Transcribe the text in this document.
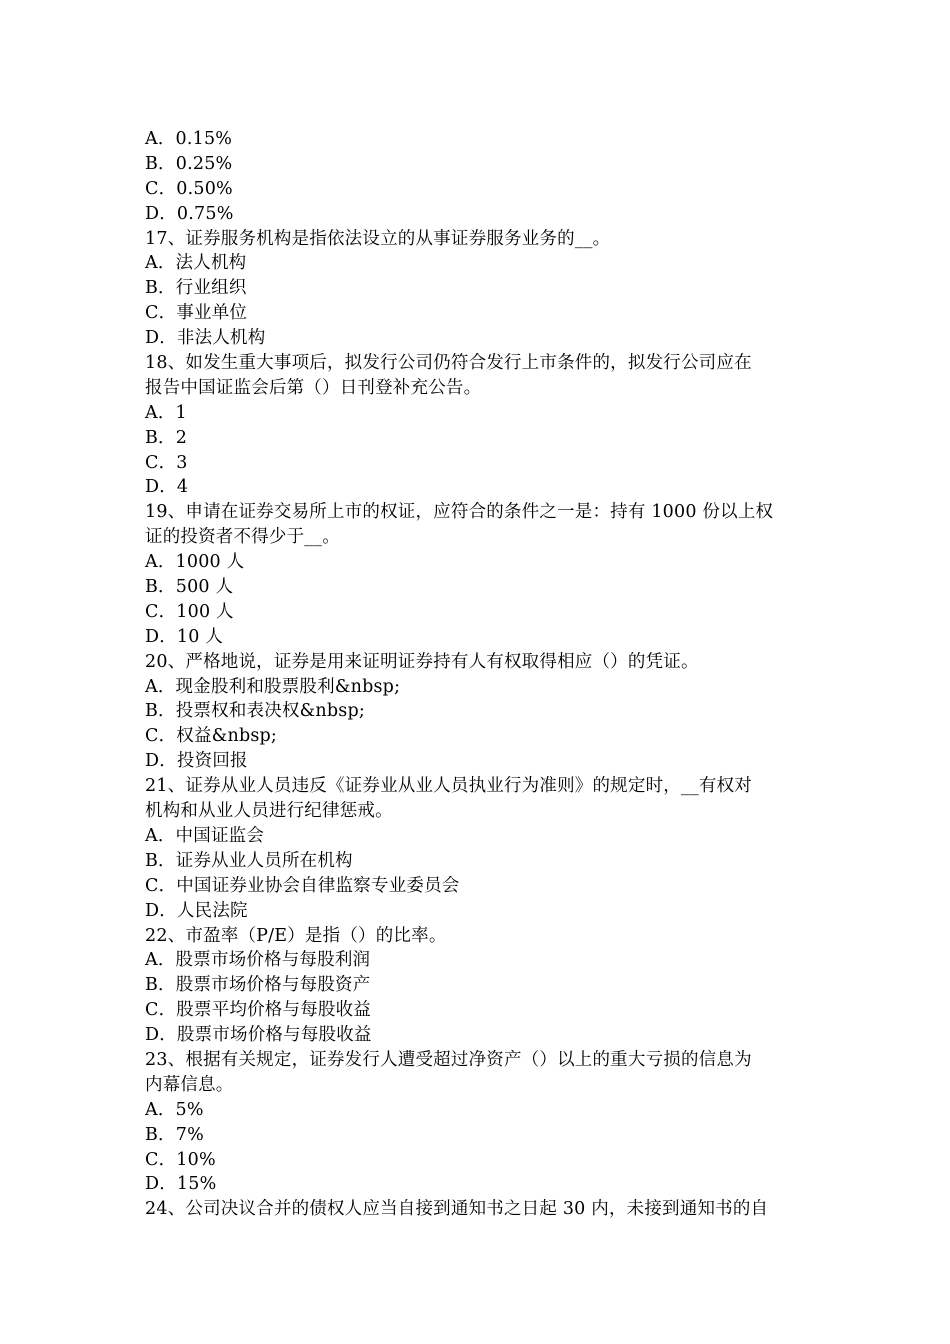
A．0.15%
B．0.25%
C．0.50%
D．0.75%
17、证券服务机构是指依法设立的从事证券服务业务的__。
A．法人机构
B．行业组织
C．事业单位
D．非法人机构
18、如发生重大事项后，拟发行公司仍符合发行上市条件的，拟发行公司应在
报告中国证监会后第（）日刊登补充公告。
A．1
B．2
C．3
D．4
19、申请在证券交易所上市的权证，应符合的条件之一是：持有 1000 份以上权
证的投资者不得少于__。
A．1000 人
B．500 人
C．100 人
D．10 人
20、严格地说，证券是用来证明证券持有人有权取得相应（）的凭证。
A．现金股利和股票股利&nbsp;
B．投票权和表决权&nbsp;
C．权益&nbsp;
D．投资回报
21、证券从业人员违反《证券业从业人员执业行为准则》的规定时，__有权对
机构和从业人员进行纪律惩戒。
A．中国证监会
B．证券从业人员所在机构
C．中国证券业协会自律监察专业委员会
D．人民法院
22、市盈率（P/E）是指（）的比率。
A．股票市场价格与每股利润
B．股票市场价格与每股资产
C．股票平均价格与每股收益
D．股票市场价格与每股收益
23、根据有关规定，证券发行人遭受超过净资产（）以上的重大亏损的信息为
内幕信息。
A．5%
B．7%
C．10%
D．15%
24、公司决议合并的债权人应当自接到通知书之日起 30 内，未接到通知书的自
